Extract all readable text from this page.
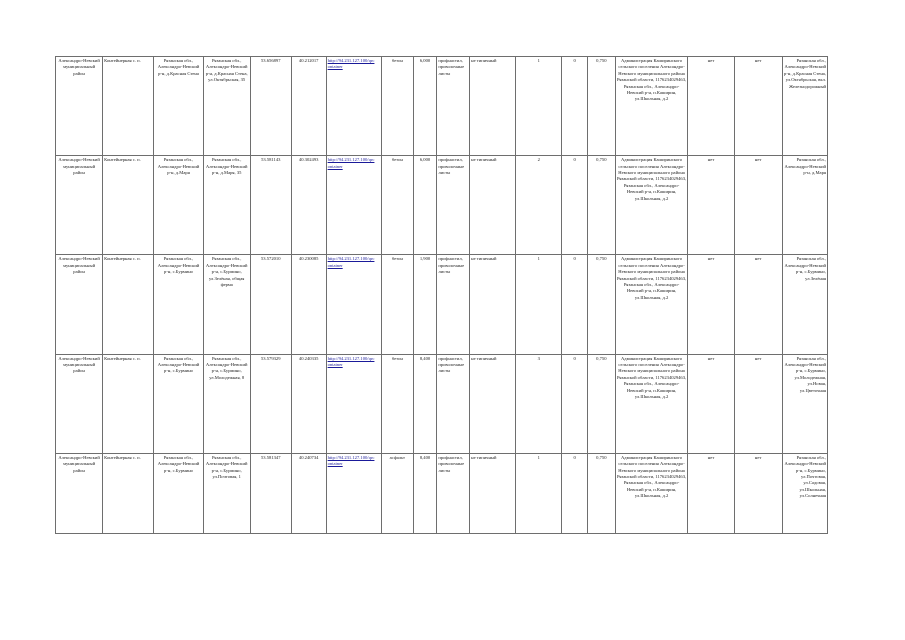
Александро-Невский муниципальный район	Контейнерная с. п.	Рязанская обл., Александро-Невский р-н, д.Красная Стена	Рязанская обл., Александро-Невский р-н, д.Красная Стена, ул.Октябрьская, 35	53.656897	40.212017	http://94.231.127.100/qrc ontainer	бетон	6,000	профнастил, проволочные листы	не типичный	1	0	0,750	Администрация Каширинского сельского поселения Александро-Невского муниципального района Рязанской области, 1176234029463, Рязанская обл., Александро-Невский р-н, п.Каширин, ул.Школьная, д.2	нет	нет	Рязанская обл., Александро-Невский р-н, д.Красная Стена, ул.Октябрьская, вкл. Железнодорожный
Александро-Невский муниципальный район	Контейнерная с. п.	Рязанская обл., Александро-Невский р-н, д.Маря	Рязанская обл., Александро-Невский р-н, д.Маря, 35	53.581143	40.302493	http://94.231.127.100/qrc ontainer	бетон	6,000	профнастил, проволочные листы	не типичный	2	0	0,750	Администрация Каширинского сельского поселения Александро-Невского муниципального района Рязанской области, 1176234029463, Рязанская обл., Александро-Невский р-н, п.Каширин, ул.Школьная, д.2	нет	нет	Рязанская обл., Александро-Невский р-н, д.Маря
Александро-Невский муниципальный район	Контейнерная с. п.	Рязанская обл., Александро-Невский р-н, с.Бурмино	Рязанская обл., Александро-Невский р-н, с.Бурмино, ул.Зелёная, общая ферма	53.572010	40.230085	http://94.231.127.100/qrc ontainer	бетон	1,900	профнастил, проволочные листы	не типичный	1	0	0,750	Администрация Каширинского сельского поселения Александро-Невского муниципального района Рязанской области, 1176234029463, Рязанская обл., Александро-Невский р-н, п.Каширин, ул.Школьная, д.2	нет	нет	Рязанская обл., Александро-Невский р-н, с.Бурмино, ул.Зелёная
Александро-Невский муниципальный район	Контейнерная с. п.	Рязанская обл., Александро-Невский р-н, с.Бурмино	Рязанская обл., Александро-Невский р-н, с.Бурмино, ул.Молодежная, 8	53.579329	40.240335	http://94.231.127.100/qrc ontainer	бетон	8,400	профнастил, проволочные листы	не типичный	3	0	0,750	Администрация Каширинского сельского поселения Александро-Невского муниципального района Рязанской области, 1176234029463, Рязанская обл., Александро-Невский р-н, п.Каширин, ул.Школьная, д.2	нет	нет	Рязанская обл., Александро-Невский р-н, с.Бурмино, ул.Молодежная, ул.Новая, ул.Цветочная
Александро-Невский муниципальный район	Контейнерная с. п.	Рязанская обл., Александро-Невский р-н, с.Бурмино	Рязанская обл., Александро-Невский р-н, с.Бурмино, ул.Почтовая, 1	53.581347	40.240734	http://94.231.127.100/qrc ontainer	асфальт	8,400	профнастил, проволочные листы	не типичный	1	0	0,750	Администрация Каширинского сельского поселения Александро-Невского муниципального района Рязанской области, 1176234029463, Рязанская обл., Александро-Невский р-н, п.Каширин, ул.Школьная, д.2	нет	нет	Рязанская обл., Александро-Невский р-н, с.Бурмино, ул.Почтовая, ул.Садовая, ул.Школьная, ул.Солнечная
